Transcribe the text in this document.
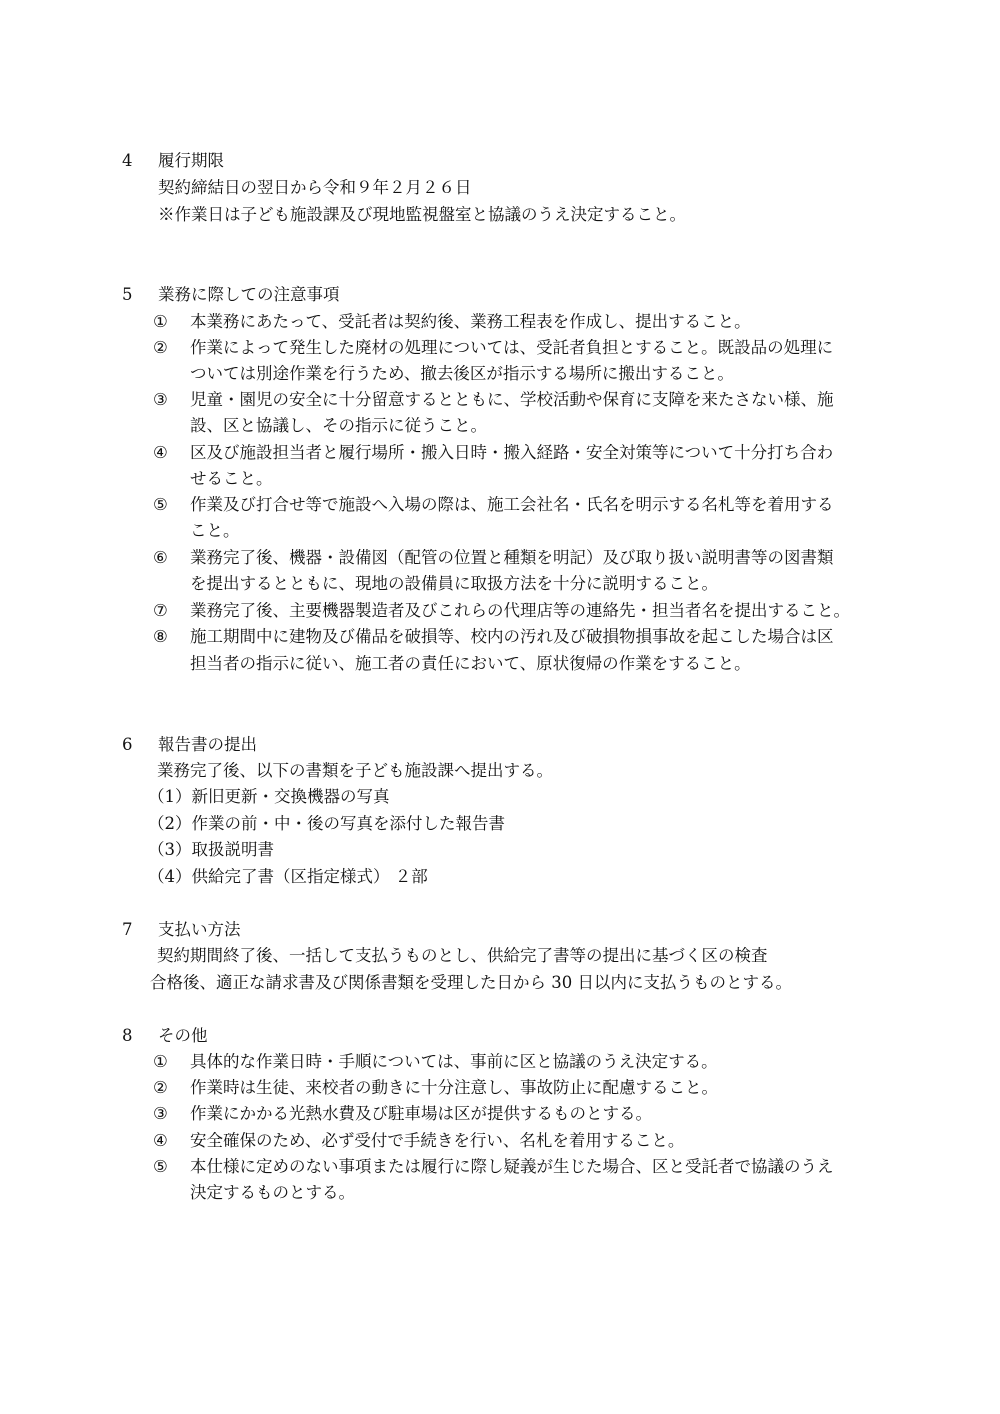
4 履行期限
契約締結日の翌日から令和９年２月２６日
※作業日は子ども施設課及び現地監視盤室と協議のうえ決定すること。
5 業務に際しての注意事項
① 本業務にあたって、受託者は契約後、業務工程表を作成し、提出すること。
② 作業によって発生した廃材の処理については、受託者負担とすること。既設品の処理に
ついては別途作業を行うため、撤去後区が指示する場所に搬出すること。
③ 児童・園児の安全に十分留意するとともに、学校活動や保育に支障を来たさない様、施
設、区と協議し、その指示に従うこと。
④ 区及び施設担当者と履行場所・搬入日時・搬入経路・安全対策等について十分打ち合わ
せること。
⑤ 作業及び打合せ等で施設へ入場の際は、施工会社名・氏名を明示する名札等を着用する
こと。
⑥ 業務完了後、機器・設備図（配管の位置と種類を明記）及び取り扱い説明書等の図書類
を提出するとともに、現地の設備員に取扱方法を十分に説明すること。
⑦ 業務完了後、主要機器製造者及びこれらの代理店等の連絡先・担当者名を提出すること。
⑧ 施工期間中に建物及び備品を破損等、校内の汚れ及び破損物損事故を起こした場合は区
担当者の指示に従い、施工者の責任において、原状復帰の作業をすること。
6 報告書の提出
業務完了後、以下の書類を子ども施設課へ提出する。
（1）新旧更新・交換機器の写真
（2）作業の前・中・後の写真を添付した報告書
（3）取扱説明書
（4）供給完了書（区指定様式） ２部
7 支払い方法
契約期間終了後、一括して支払うものとし、供給完了書等の提出に基づく区の検査
合格後、適正な請求書及び関係書類を受理した日から 30 日以内に支払うものとする。
8 その他
① 具体的な作業日時・手順については、事前に区と協議のうえ決定する。
② 作業時は生徒、来校者の動きに十分注意し、事故防止に配慮すること。
③ 作業にかかる光熱水費及び駐車場は区が提供するものとする。
④ 安全確保のため、必ず受付で手続きを行い、名札を着用すること。
⑤ 本仕様に定めのない事項または履行に際し疑義が生じた場合、区と受託者で協議のうえ
決定するものとする。
